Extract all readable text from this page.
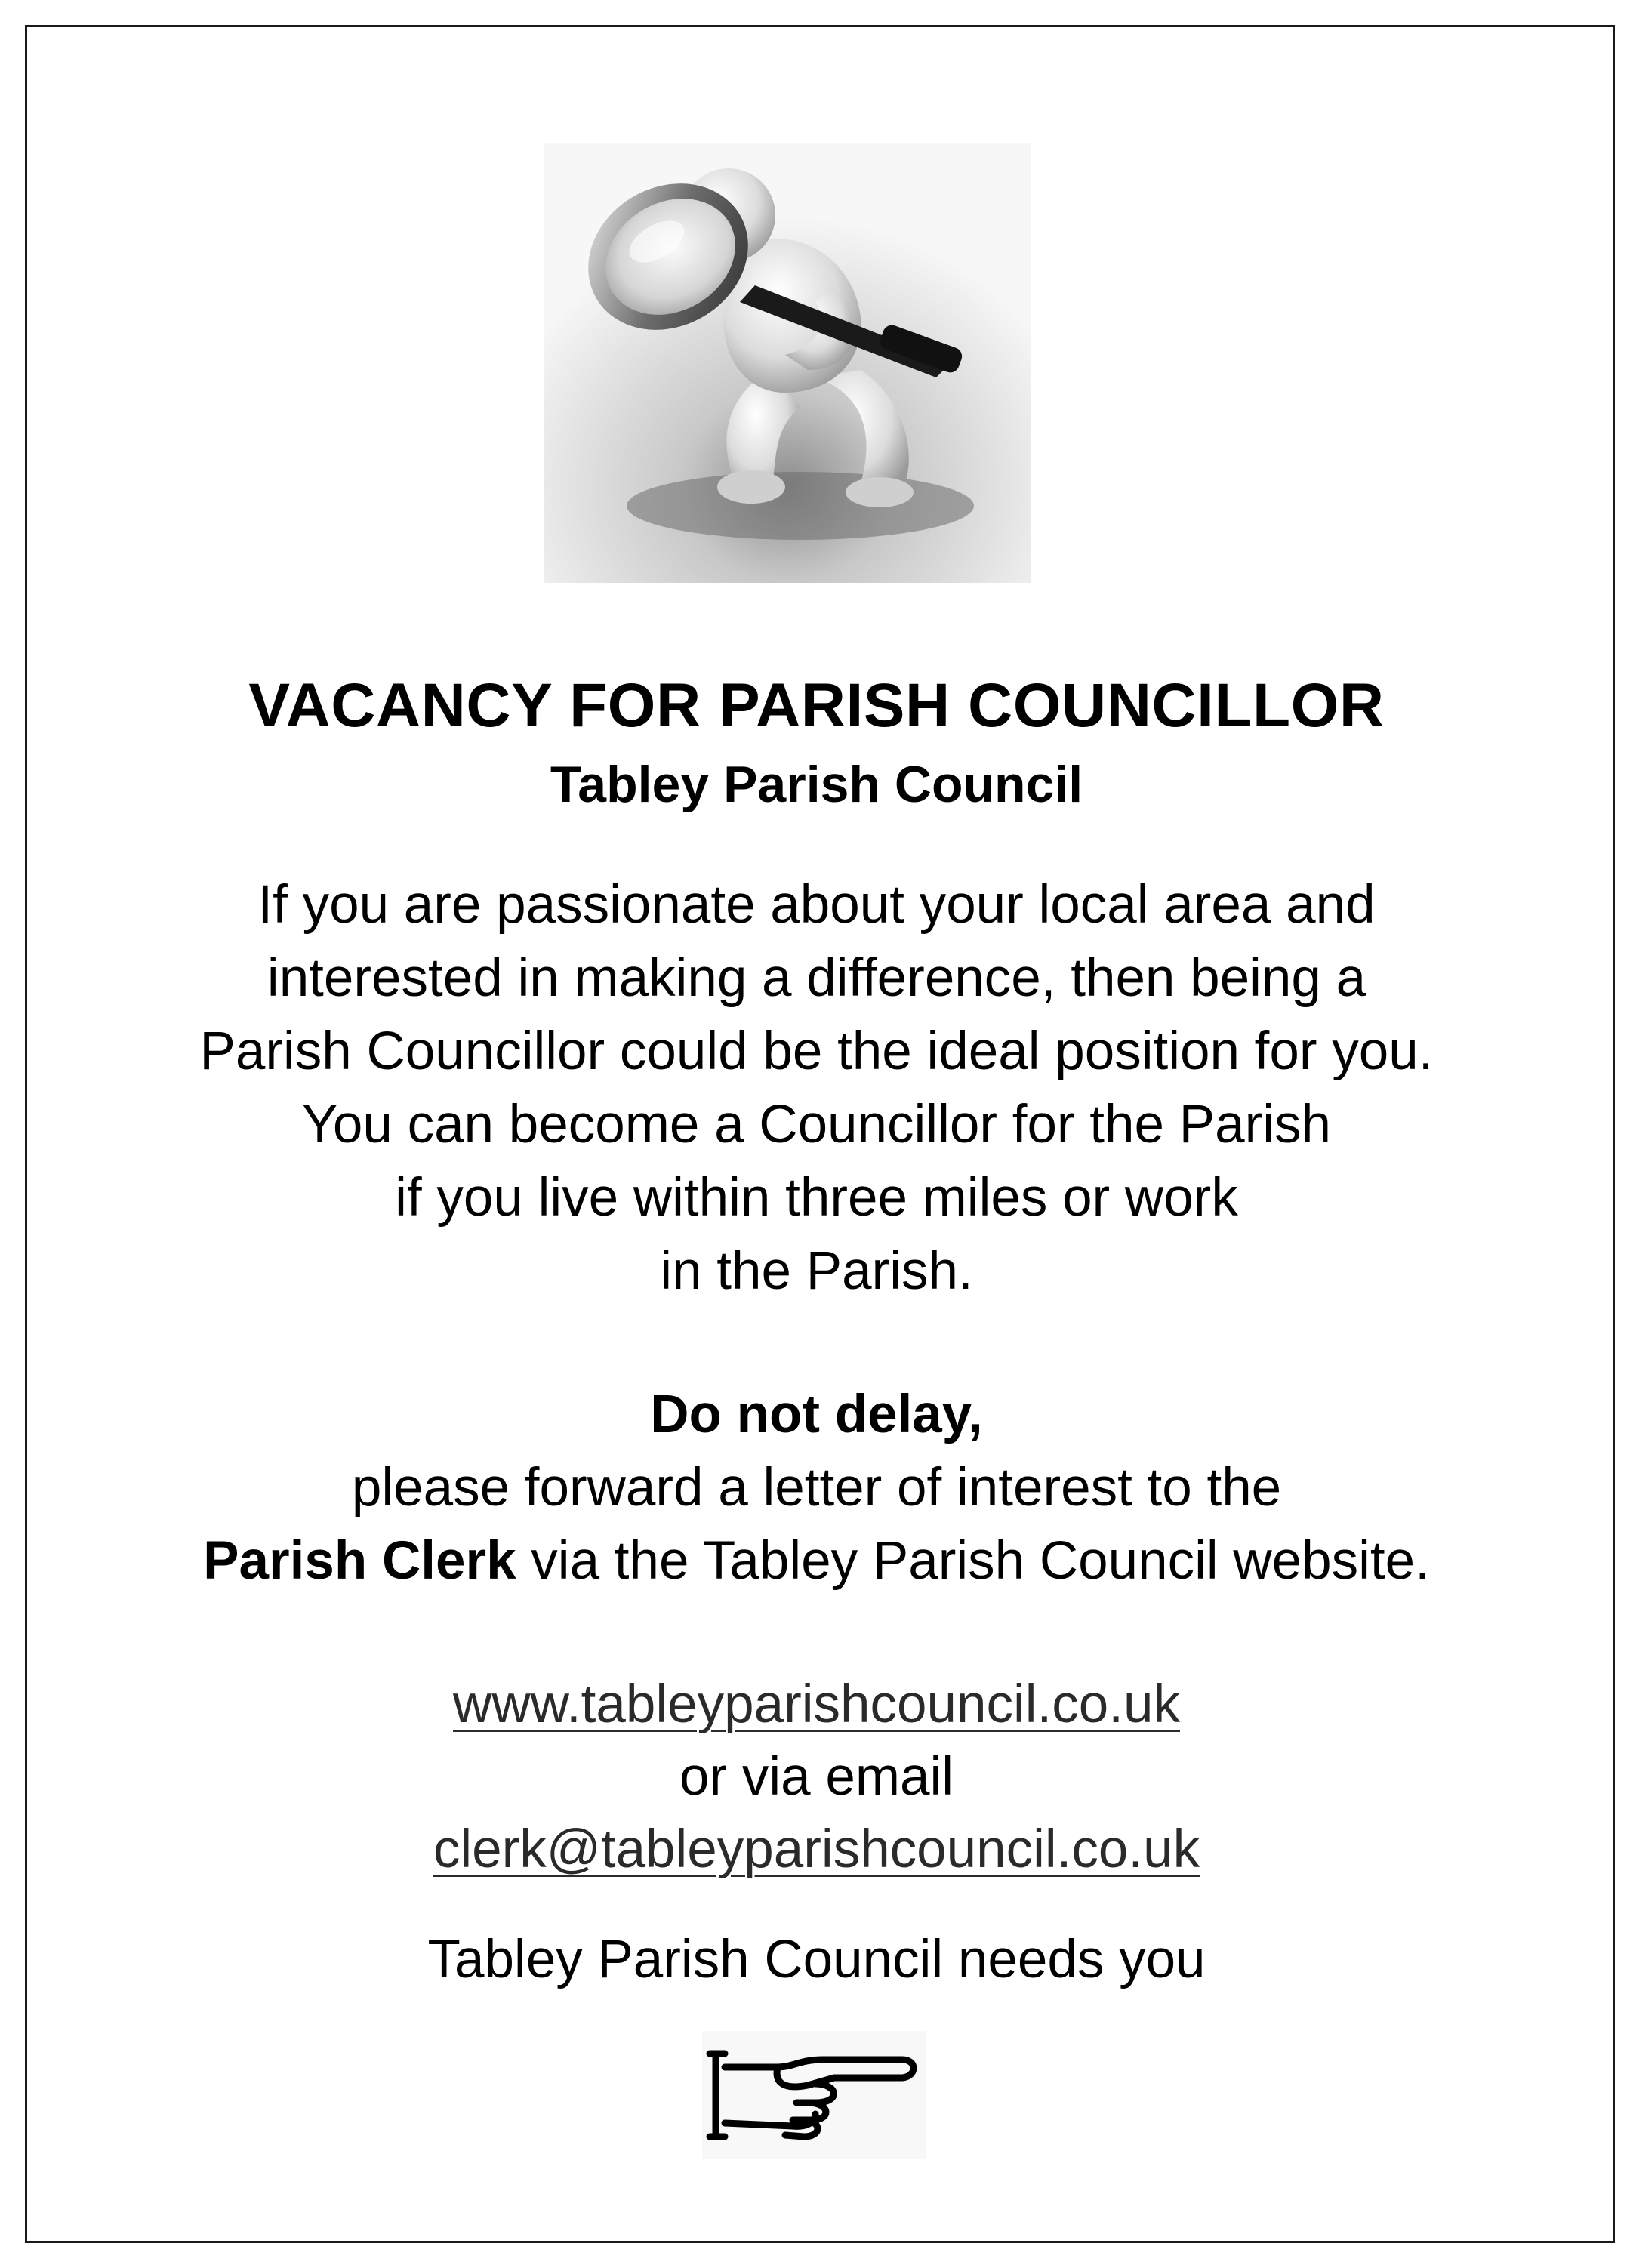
VACANCY FOR PARISH COUNCILLOR
Tabley Parish Council
If you are passionate about your local area and
interested in making a difference, then being a
Parish Councillor could be the ideal position for you.
You can become a Councillor for the Parish
if you live within three miles or work
in the Parish.
Do not delay,
please forward a letter of interest to the
Parish Clerk via the Tabley Parish Council website.
www.tableyparishcouncil.co.uk
or via email
clerk@tableyparishcouncil.co.uk
Tabley Parish Council needs you
